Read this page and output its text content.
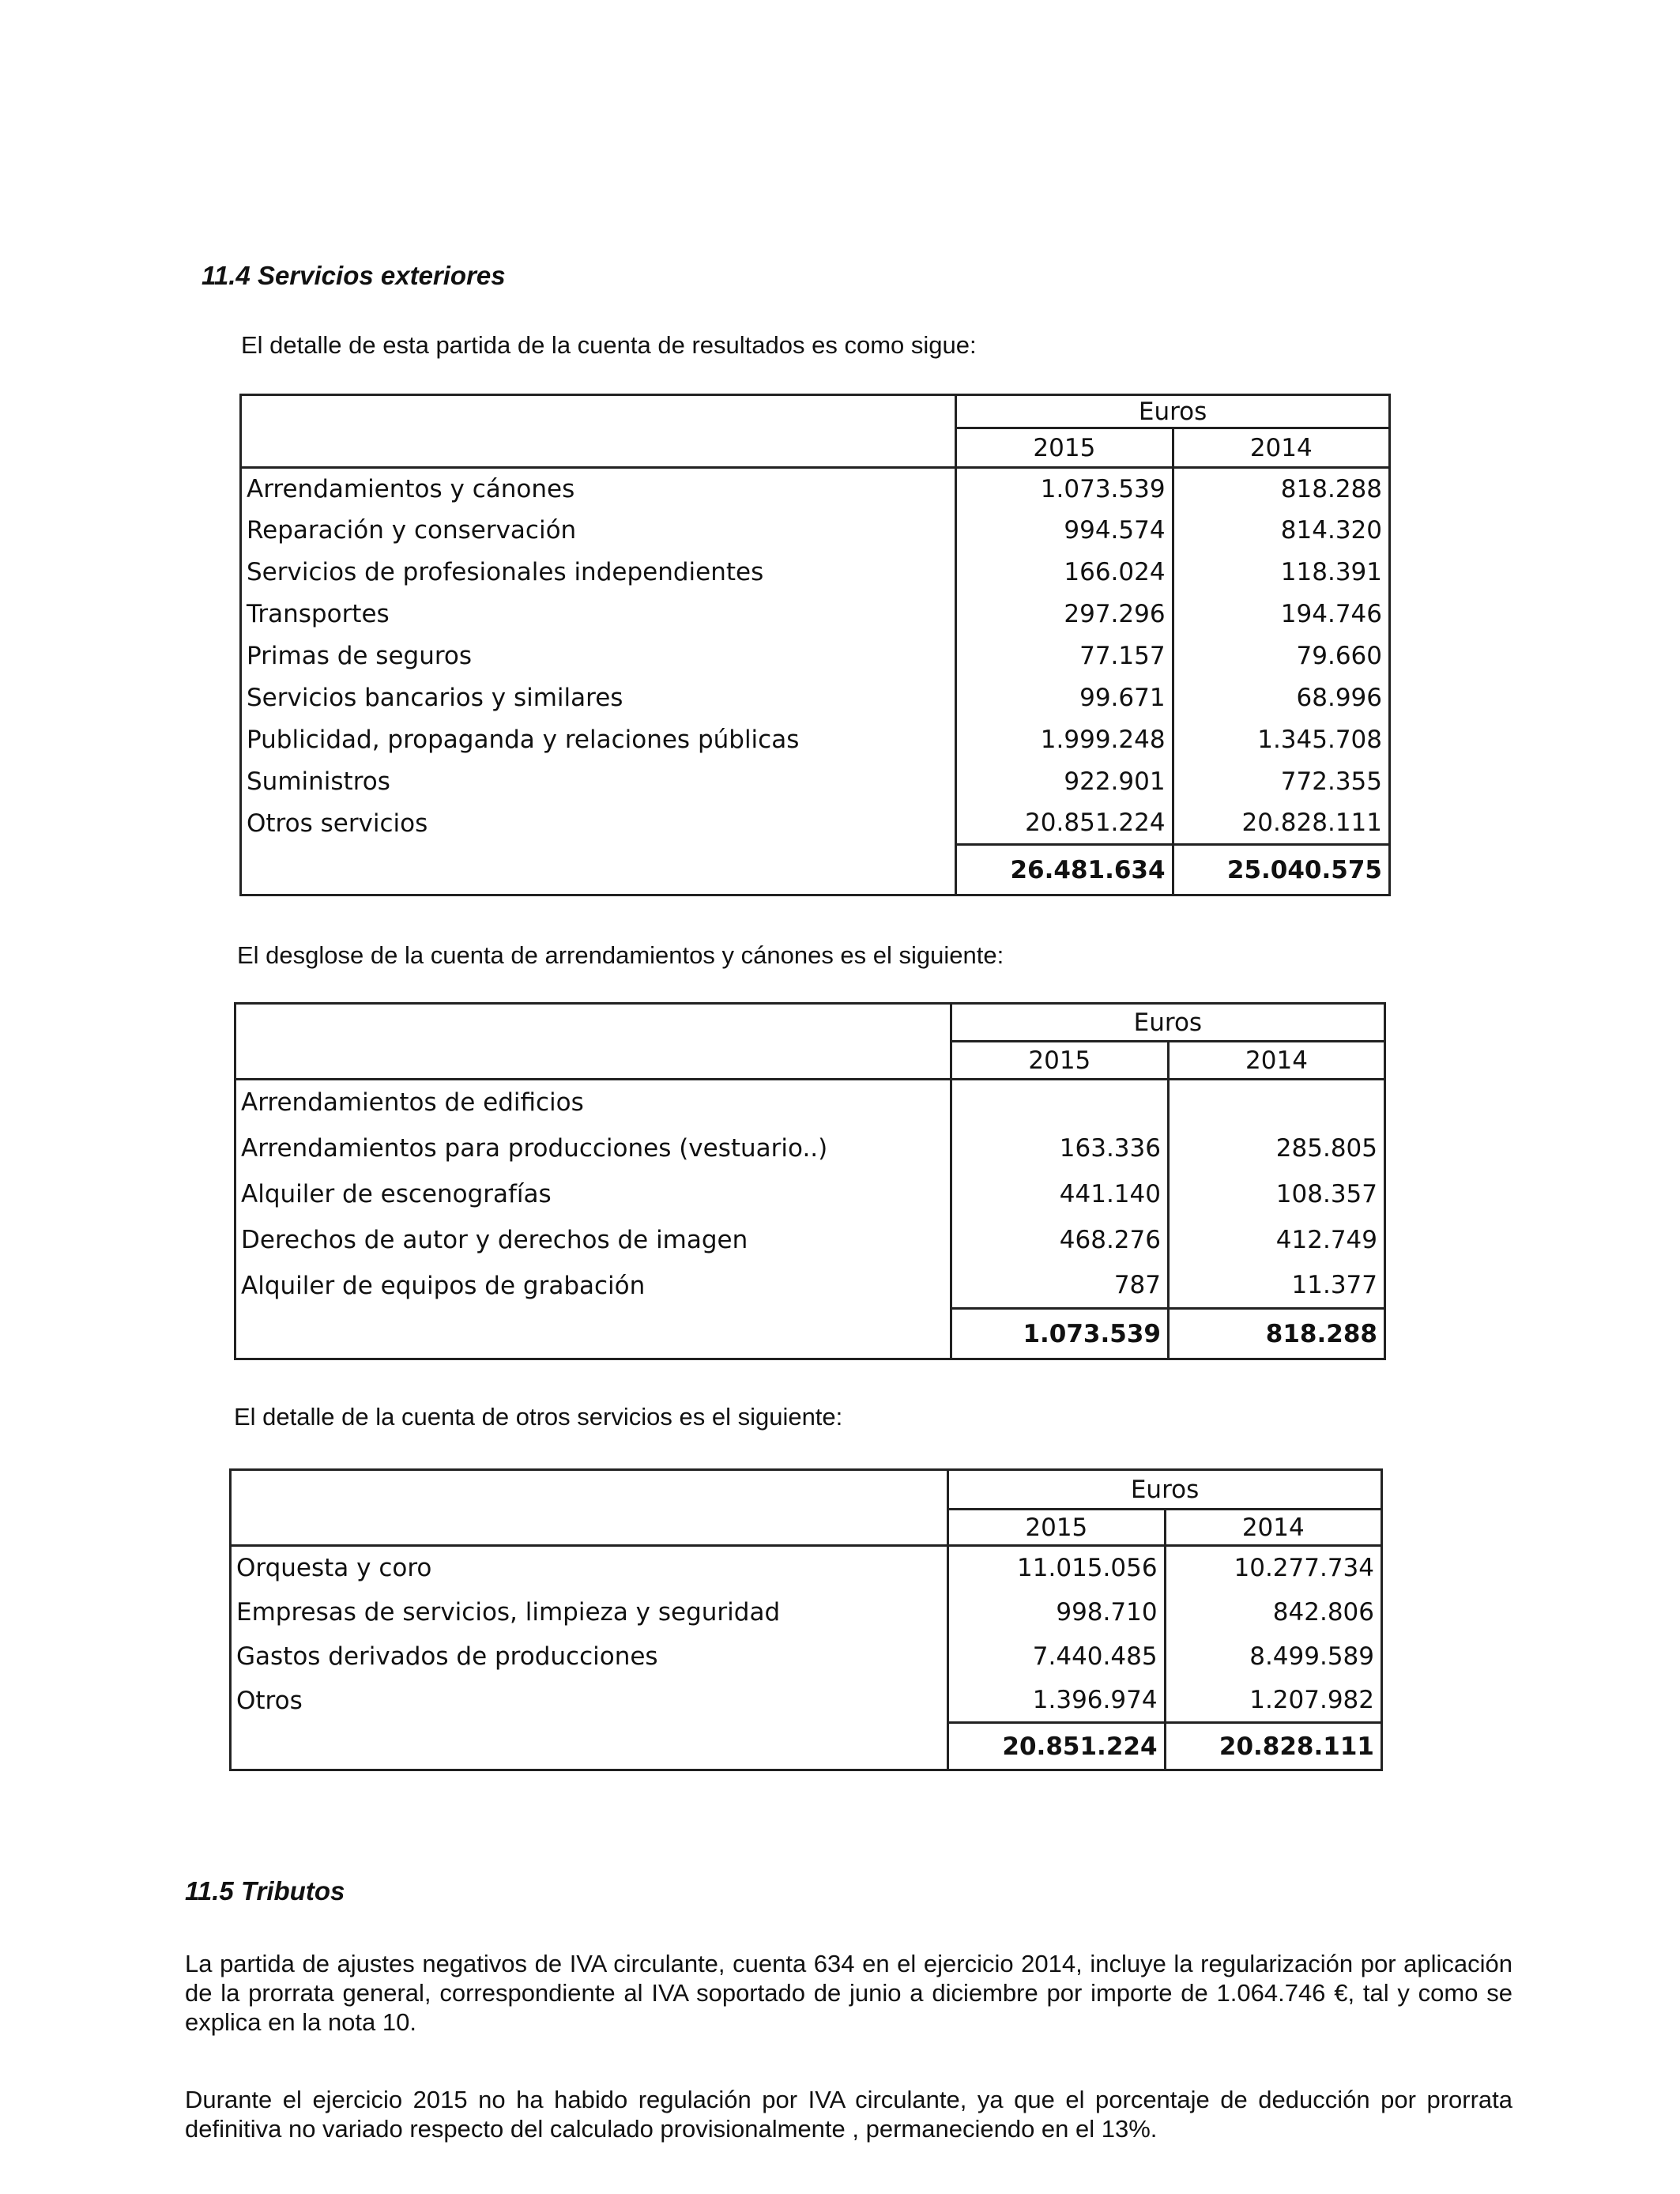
11.4 Servicios exteriores

El detalle de esta partida de la cuenta de resultados es como sigue:

	Euros	
	2015	2014
Arrendamientos y cánones	1.073.539	818.288
Reparación y conservación	994.574	814.320
Servicios de profesionales independientes	166.024	118.391
Transportes	297.296	194.746
Primas de seguros	77.157	79.660
Servicios bancarios y similares	99.671	68.996
Publicidad, propaganda y relaciones públicas	1.999.248	1.345.708
Suministros	922.901	772.355
Otros servicios	20.851.224	20.828.111
	26.481.634	25.040.575

El desglose de la cuenta de arrendamientos y cánones es el siguiente:

	Euros	
	2015	2014
Arrendamientos de edificios		
Arrendamientos para producciones (vestuario..)	163.336	285.805
Alquiler de escenografías	441.140	108.357
Derechos de autor y derechos de imagen	468.276	412.749
Alquiler de equipos de grabación	787	11.377
	1.073.539	818.288

El detalle de la cuenta de otros servicios es el siguiente:

	Euros	
	2015	2014
Orquesta y coro	11.015.056	10.277.734
Empresas de servicios, limpieza y seguridad	998.710	842.806
Gastos derivados de producciones	7.440.485	8.499.589
Otros	1.396.974	1.207.982
	20.851.224	20.828.111
11.5 Tributos

La partida de ajustes negativos de IVA circulante, cuenta 634 en el ejercicio 2014, incluye la regularización por aplicación de la prorrata general, correspondiente al IVA soportado de junio a diciembre por importe de 1.064.746 €, tal y como se explica en la nota 10.

Durante el ejercicio 2015 no ha habido regulación por IVA circulante, ya que el porcentaje de deducción por prorrata definitiva no variado respecto del calculado provisionalmente , permaneciendo en el 13%.
